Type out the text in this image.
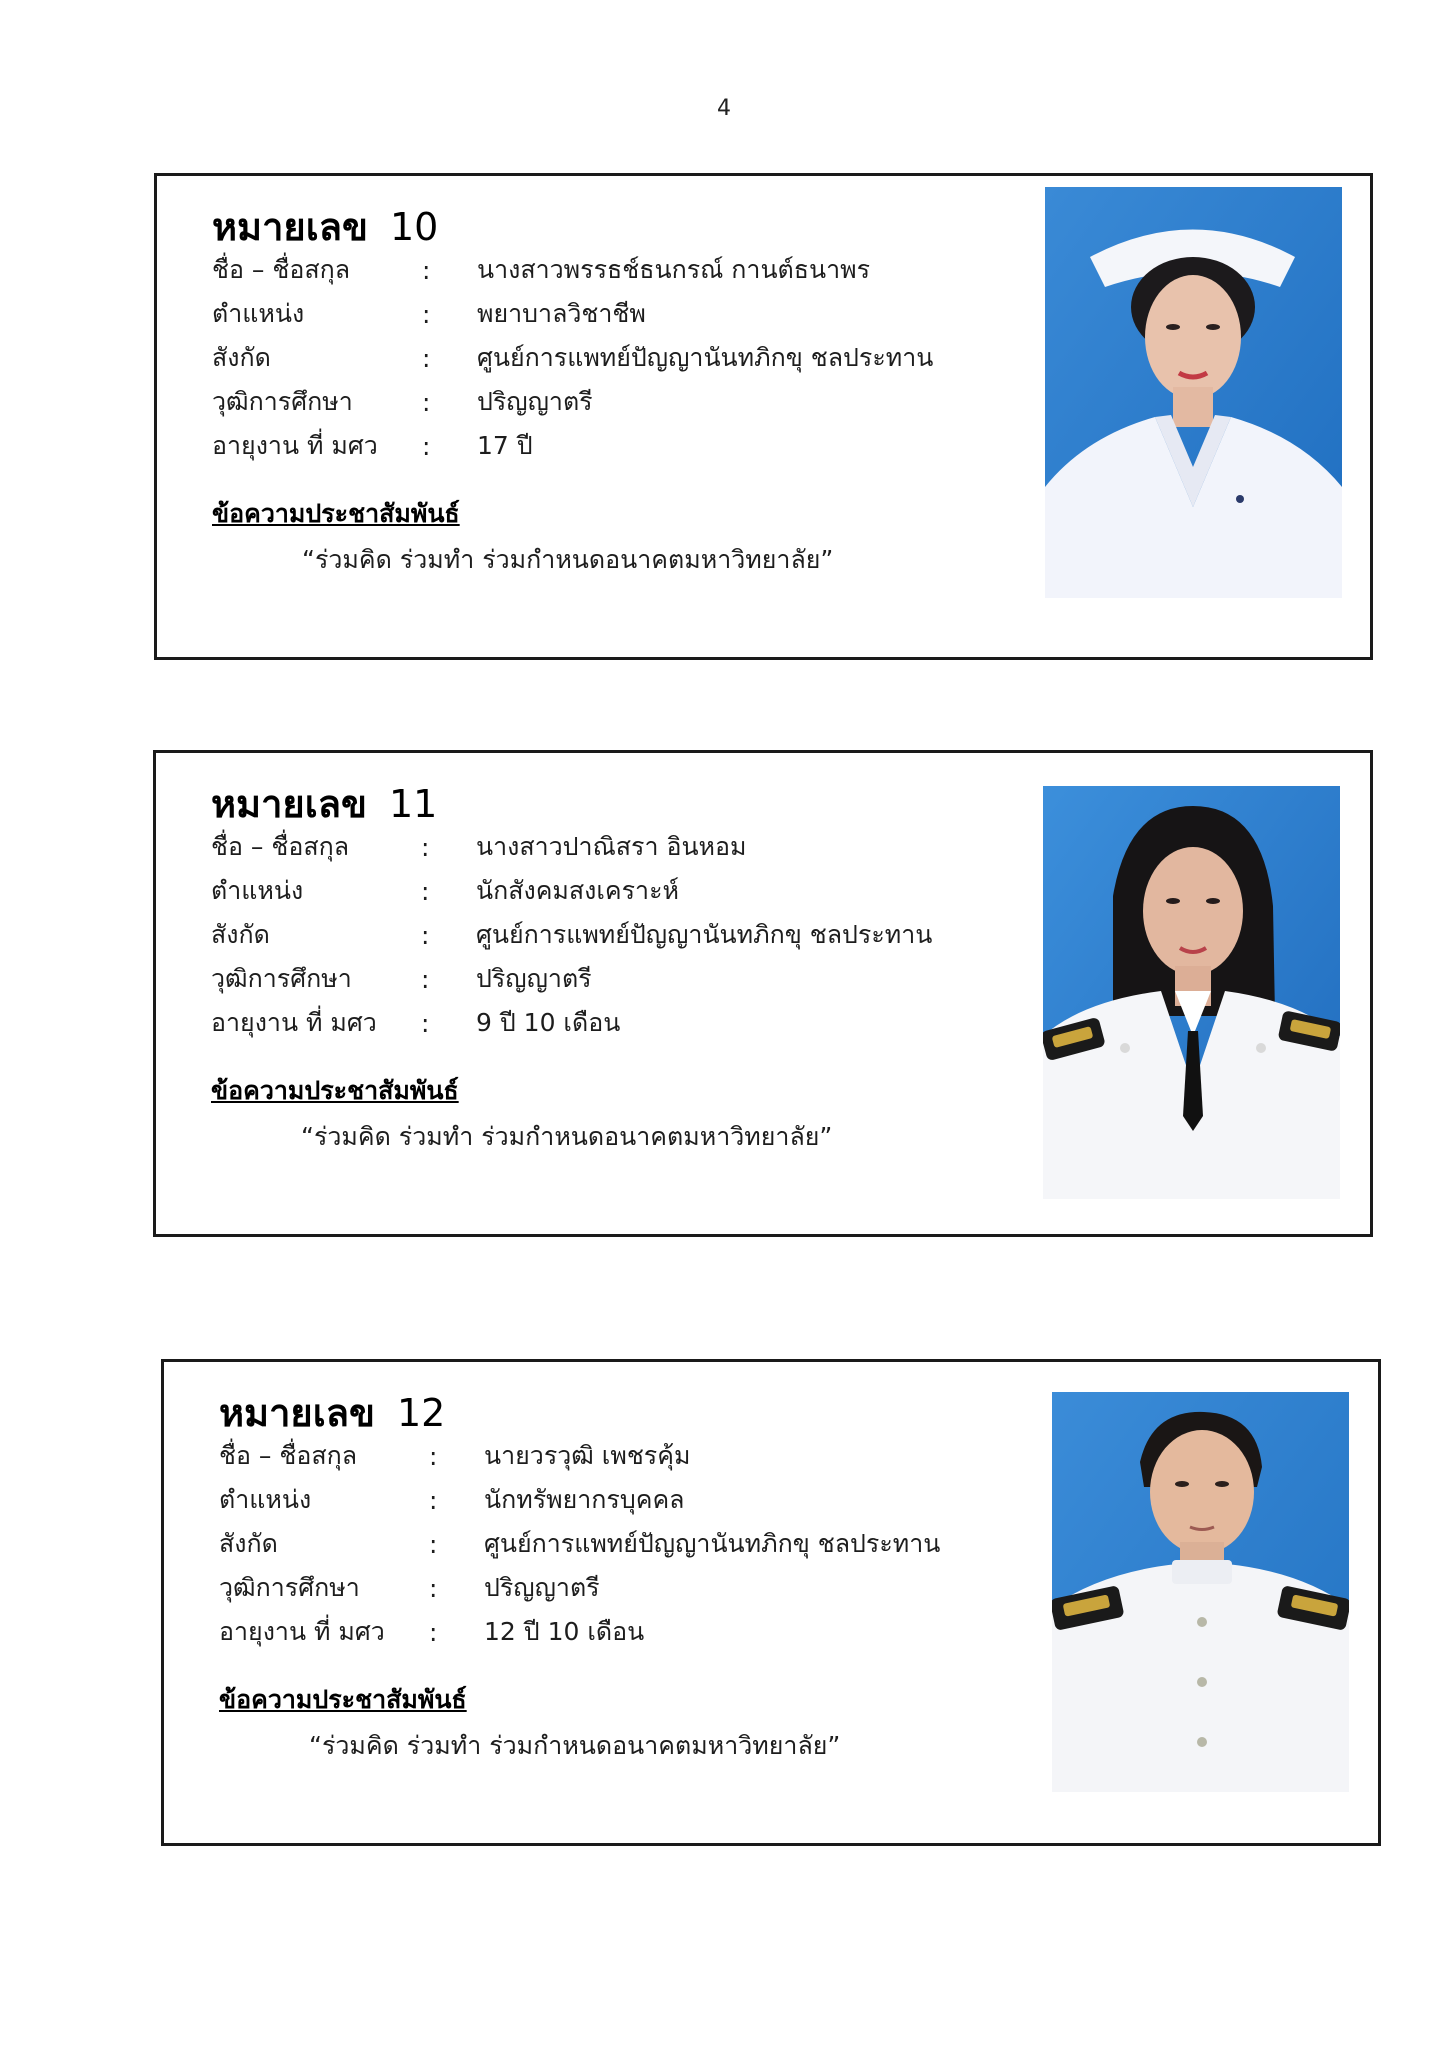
4
หมายเลข 10
ชื่อ – ชื่อสกุล	:	นางสาวพรรธช์ธนกรณ์ กานต์ธนาพร
ตำแหน่ง	:	พยาบาลวิชาชีพ
สังกัด	:	ศูนย์การแพทย์ปัญญานันทภิกขุ ชลประทาน
วุฒิการศึกษา	:	ปริญญาตรี
อายุงาน ที่ มศว	:	17 ปี
ข้อความประชาสัมพันธ์
“ร่วมคิด ร่วมทำ ร่วมกำหนดอนาคตมหาวิทยาลัย”
หมายเลข 11
ชื่อ – ชื่อสกุล	:	นางสาวปาณิสรา อินหอม
ตำแหน่ง	:	นักสังคมสงเคราะห์
สังกัด	:	ศูนย์การแพทย์ปัญญานันทภิกขุ ชลประทาน
วุฒิการศึกษา	:	ปริญญาตรี
อายุงาน ที่ มศว	:	9 ปี 10 เดือน
ข้อความประชาสัมพันธ์
“ร่วมคิด ร่วมทำ ร่วมกำหนดอนาคตมหาวิทยาลัย”
หมายเลข 12
ชื่อ – ชื่อสกุล	:	นายวรวุฒิ เพชรคุ้ม
ตำแหน่ง	:	นักทรัพยากรบุคคล
สังกัด	:	ศูนย์การแพทย์ปัญญานันทภิกขุ ชลประทาน
วุฒิการศึกษา	:	ปริญญาตรี
อายุงาน ที่ มศว	:	12 ปี 10 เดือน
ข้อความประชาสัมพันธ์
“ร่วมคิด ร่วมทำ ร่วมกำหนดอนาคตมหาวิทยาลัย”
